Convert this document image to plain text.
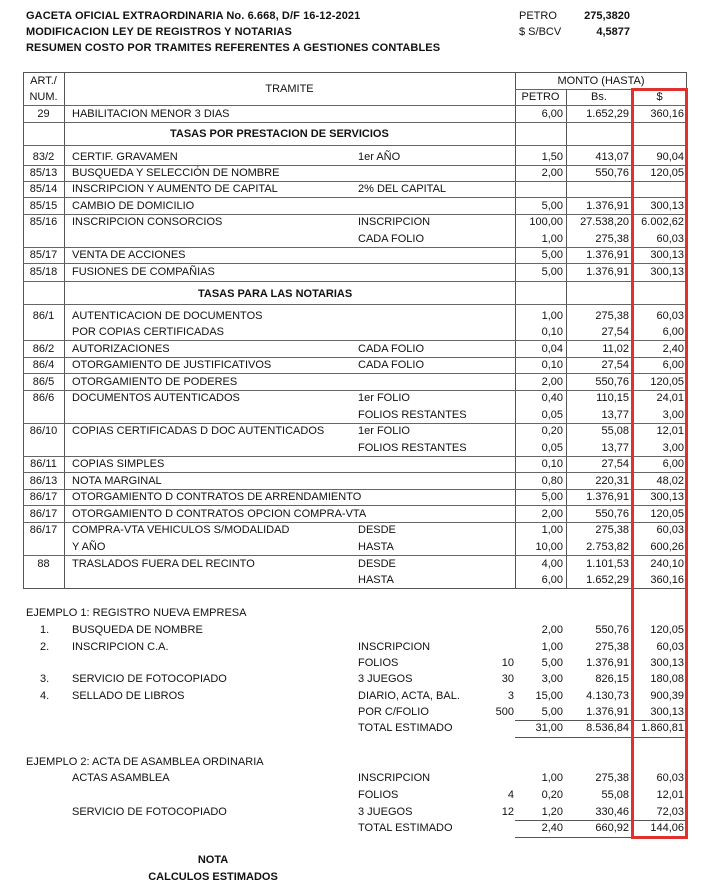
GACETA OFICIAL EXTRAORDINARIA No. 6.668, D/F 16-12-2021
MODIFICACION LEY DE REGISTROS Y NOTARIAS
RESUMEN COSTO POR TRAMITES REFERENTES A GESTIONES CONTABLES
PETRO	275,3820
$ S/BCV	4,5877
ART./
NUM.
TRAMITE
MONTO (HASTA)
PETRO	Bs.	$
TASAS POR PRESTACION DE SERVICIOS
TASAS PARA LAS NOTARIAS
29	HABILITACION MENOR 3 DIAS	6,00	1.652,29	360,16
83/2	CERTIF. GRAVAMEN	1er AÑO	1,50	413,07	90,04
85/13	BUSQUEDA Y SELECCIÓN DE NOMBRE	2,00	550,76	120,05
85/14	INSCRIPCION Y AUMENTO DE CAPITAL	2% DEL CAPITAL
85/15	CAMBIO DE DOMICILIO	5,00	1.376,91	300,13
85/16	INSCRIPCION CONSORCIOS	INSCRIPCION	100,00	27.538,20	6.002,62
CADA FOLIO	1,00	275,38	60,03
85/17	VENTA DE ACCIONES	5,00	1.376,91	300,13
85/18	FUSIONES DE COMPAÑIAS	5,00	1.376,91	300,13
86/1	AUTENTICACION DE DOCUMENTOS	1,00	275,38	60,03
POR COPIAS CERTIFICADAS	0,10	27,54	6,00
86/2	AUTORIZACIONES	CADA FOLIO	0,04	11,02	2,40
86/4	OTORGAMIENTO DE JUSTIFICATIVOS	CADA FOLIO	0,10	27,54	6,00
86/5	OTORGAMIENTO DE PODERES	2,00	550,76	120,05
86/6	DOCUMENTOS AUTENTICADOS	1er FOLIO	0,40	110,15	24,01
FOLIOS RESTANTES	0,05	13,77	3,00
86/10	COPIAS CERTIFICADAS D DOC AUTENTICADOS	1er FOLIO	0,20	55,08	12,01
FOLIOS RESTANTES	0,05	13,77	3,00
86/11	COPIAS SIMPLES	0,10	27,54	6,00
86/13	NOTA MARGINAL	0,80	220,31	48,02
86/17	OTORGAMIENTO D CONTRATOS DE ARRENDAMIENTO	5,00	1.376,91	300,13
86/17	OTORGAMIENTO D CONTRATOS OPCION COMPRA-VTA	2,00	550,76	120,05
86/17	COMPRA-VTA VEHICULOS S/MODALIDAD	DESDE	1,00	275,38	60,03
Y AÑO	HASTA	10,00	2.753,82	600,26
88	TRASLADOS FUERA DEL RECINTO	DESDE	4,00	1.101,53	240,10
HASTA	6,00	1.652,29	360,16
1. BUSQUEDA DE NOMBRE	2,00	550,76	120,05
2. INSCRIPCION C.A.	INSCRIPCION	1,00	275,38	60,03
FOLIOS	10	5,00	1.376,91	300,13
3. SERVICIO DE FOTOCOPIADO	3 JUEGOS	30	3,00	826,15	180,08
4. SELLADO DE LIBROS	DIARIO, ACTA, BAL.	3	15,00	4.130,73	900,39
POR C/FOLIO	500	5,00	1.376,91	300,13
TOTAL ESTIMADO	31,00	8.536,84	1.860,81
ACTAS ASAMBLEA	INSCRIPCION	1,00	275,38	60,03
FOLIOS	4	0,20	55,08	12,01
SERVICIO DE FOTOCOPIADO	3 JUEGOS	12	1,20	330,46	72,03
TOTAL ESTIMADO	2,40	660,92	144,06
EJEMPLO 1: REGISTRO NUEVA EMPRESA
EJEMPLO 2: ACTA DE ASAMBLEA ORDINARIA
NOTA
CALCULOS ESTIMADOS
